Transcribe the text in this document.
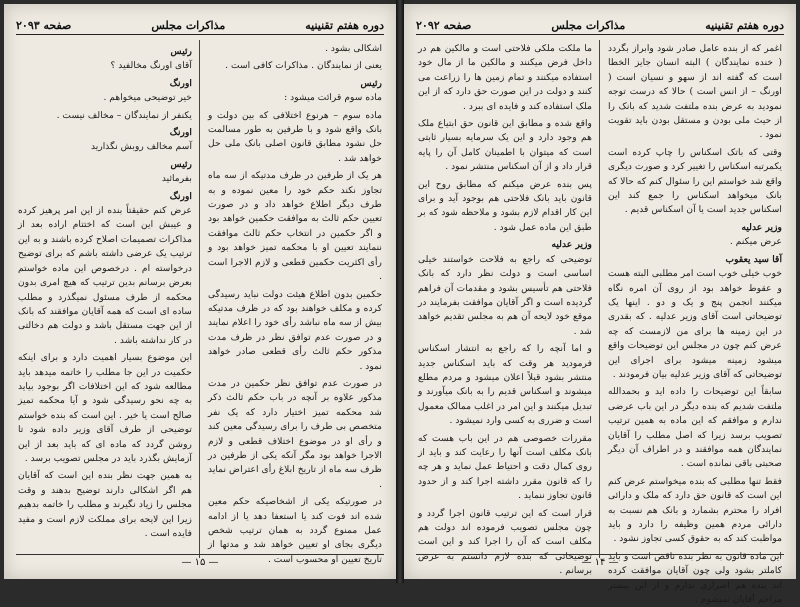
دوره هفتم تقنینیه
مذاکرات مجلس
صفحه ۲۰۹۳

اشکالی بشود .

یعنی از نمایندگان . مذاکرات کافی است .

رئیس
ماده سوم قرائت میشود :

ماده سوم – هرنوع اختلافی که بین دولت و بانک واقع شود و با طرفین به طور مسالمت حل نشود مطابق قانون اصلی بانک ملی حل خواهد شد .

هر یک از طرفین در ظرف مدتیکه از سه ماه تجاوز نکند حکم خود را معین نموده و به طرف دیگر اطلاع خواهد داد و در صورت تعیین حکم ثالث به موافقت حکمین خواهد بود و اگر حکمین در انتخاب حکم ثالث موافقت ننمایند تعیین او با محکمه تمیز خواهد بود و رأی اکثریت حکمین قطعی و لازم الاجرا است .

حکمین بدون اطلاع هیئت دولت نباید رسیدگی کرده و مکلف خواهند بود که در ظرف مدتیکه بیش از سه ماه نباشد رأی خود را اعلام نمایند و در صورت عدم توافق نظر در ظرف مدت مذکور حکم ثالث رأی قطعی صادر خواهد نمود .

در صورت عدم توافق نظر حکمین در مدت مذکور علاوه بر آنچه در باب حکم ثالث ذکر شد محکمه تمیز اختیار دارد که یک نفر متخصص بی طرف را برای رسیدگی معین کند و رأی او در موضوع اختلاف قطعی و لازم الاجرا خواهد بود مگر آنکه یکی از طرفین در ظرف سه ماه از تاریخ ابلاغ رأی اعتراض نماید .

در صورتیکه یکی از اشخاصیکه حکم معین شده اند فوت کند یا استعفا دهد یا از ادامه عمل ممنوع گردد به همان ترتیب شخص دیگری بجای او تعیین خواهد شد و مدتها از تاریخ تعیین او محسوب است .

رئیس
آقای اورنگ مخالفید ؟

اورنگ
خیر توضیحی میخواهم .

یکنفر از نمایندگان – مخالف نیست .

اورنگ
آسم مخالف روبش نگذارید

رئیس
بفرمائید

اورنگ
عرض کنم حقیقتاً بنده از این امر پرهیز کرده و عیبش این است که اختتام اراده بعد از مذاکرات تصمیمات اصلاح کرده باشند و به این ترتیب یک عرضی داشته باشم که برای توضیح درخواسته ام . درخصوص این ماده خواستم بعرض برسانم بدین ترتیب که هیچ امری بدون محکمه از طرف مسئول نمیگذرد و مطلب ساده ای است که همه آقایان موافقند که بانک از این جهت مستقل باشد و دولت هم دخالتی در کار نداشته باشد .

این موضوع بسیار اهمیت دارد و برای اینکه حکمیت در این جا مطلب را خاتمه میدهد باید مطالعه شود که این اختلافات اگر بوجود بیاید به چه نحو رسیدگی شود و آیا محکمه تمیز صالح است یا خیر . این است که بنده خواستم توضیحی از طرف آقای وزیر داده شود تا روشن گردد که ماده ای که باید بعد از این آزمایش بگذرد باید در مجلس تصویب برسد .

به همین جهت نظر بنده این است که آقایان هم اگر اشکالی دارند توضیح بدهند و وقت مجلس را زیاد نگیرند و مطلب را خاتمه بدهیم زیرا این لایحه برای مملکت لازم است و مفید فایده است .

— ۱۵ —
دوره هفتم تقنینیه
مذاکرات مجلس
صفحه ۲۰۹۲

اغمر که از بنده عامل صادر شود وابراز بگردد ( خنده نمایندگان ) البته انسان جایز الخطا است که گفته اند از سهو و نسیان است ( اورنگ – از انس است ) حالا که درست توجه نمودید به عرض بنده ملتفت شدید که بانک را از حیث ملی بودن و مستقل بودن باید تقویت نمود .

وقتی که باتک اسکناس را چاپ کرده است یکمرتبه اسکناس را تغییر کرد و صورت دیگری واقع شد خواستم این را سئوال کنم که حالا که بانک میخواهد اسکناس را جمع کند این اسکناس جدید است یا آن اسکناس قدیم .

وزیر عدلیه
عرض میکنم .

آقا سید یعقوب
خوب خیلی خوب است امر مطلبی البته هست و عقوط خواهد بود از روی آن امره نگاه میکنند انجمن پنج و یک و دو . اینها یک توضیحاتی است آقای وزیر عدلیه . که بقدری در این زمینه ها برای من لازمست که چه عرض کنم چون در مجلس این توضیحات واقع میشود زمینه میشود برای اجرای این توضیحاتی که آقای وزیر عدلیه بیان فرمودند .

سابقاً این توضیحات را داده اید و بحمدالله ملتفت شدیم که بنده دیگر در این باب عرضی ندارم و موافقم که این ماده به همین ترتیب تصویب برسد زیرا که اصل مطلب را آقایان نمایندگان همه موافقند و در اطراف آن دیگر صحبتی باقی نمانده است .

فقط تنها مطلبی که بنده میخواستم عرض کنم این است که قانون حق دارد که ملک و دارائی افراد را محترم بشمارد و بانک هم نسبت به دارائی مردم همین وظیفه را دارد و باید مواظبت کند که به حقوق کسی تجاوز نشود .

این ماده قانون به نظر بنده ناقص است و باید کاملتر بشود ولی چون آقایان موافقت کرده اند بنده هم اصراری ندارم و از این بیشتر مزاحم آقایان نمیشوم .

ما ملکت ملکی فلاحتی است و مالکین هم در داخل فرض میکنند و مالکین ما از مال خود استفاده میکنند و تمام زمین ها را زراعت می کنند و دولت در این صورت حق دارد که از این ملک استفاده کند و فایده ای ببرد .

واقع شده و مطابق این قانون حق ابتیاع ملک هم وجود دارد و این یک سرمایه بسیار ثابتی است که میتوان با اطمینان کامل آن را پایه قرار داد و از آن اسکناس منتشر نمود .

پس بنده عرض میکنم که مطابق روح این قانون باید بانک فلاحتی هم بوجود آید و برای این کار اقدام لازم بشود و ملاحظه شود که بر طبق این ماده عمل شود .

وزیر عدلیه
توضیحی که راجع به فلاحت خواستند خیلی اساسی است و دولت نظر دارد که بانک فلاحتی هم تأسیس بشود و مقدمات آن فراهم گردیده است و اگر آقایان موافقت بفرمایند در موقع خود لایحه آن هم به مجلس تقدیم خواهد شد .

و اما آنچه را که راجع به انتشار اسکناس فرمودید هر وقت که باید اسکناس جدید منتشر بشود قبلاً اعلان میشود و مردم مطلع میشوند و اسکناس قدیم را به بانک میآورند و تبدیل میکنند و این امر در اغلب ممالک معمول است و ضرری به کسی وارد نمیشود .

مقررات خصوصی هم در این باب هست که بانک مکلف است آنها را رعایت کند و باید از روی کمال دقت و احتیاط عمل نماید و هر چه را که قانون مقرر داشته اجرا کند و از حدود قانون تجاوز ننماید .

قرار است که این ترتیب قانون اجرا گردد و چون مجلس تصویب فرموده اند دولت هم مکلف است که آن را اجرا کند و این است توضیحاتی که بنده لازم دانستم به عرض برسانم .

— ۱۴ —
